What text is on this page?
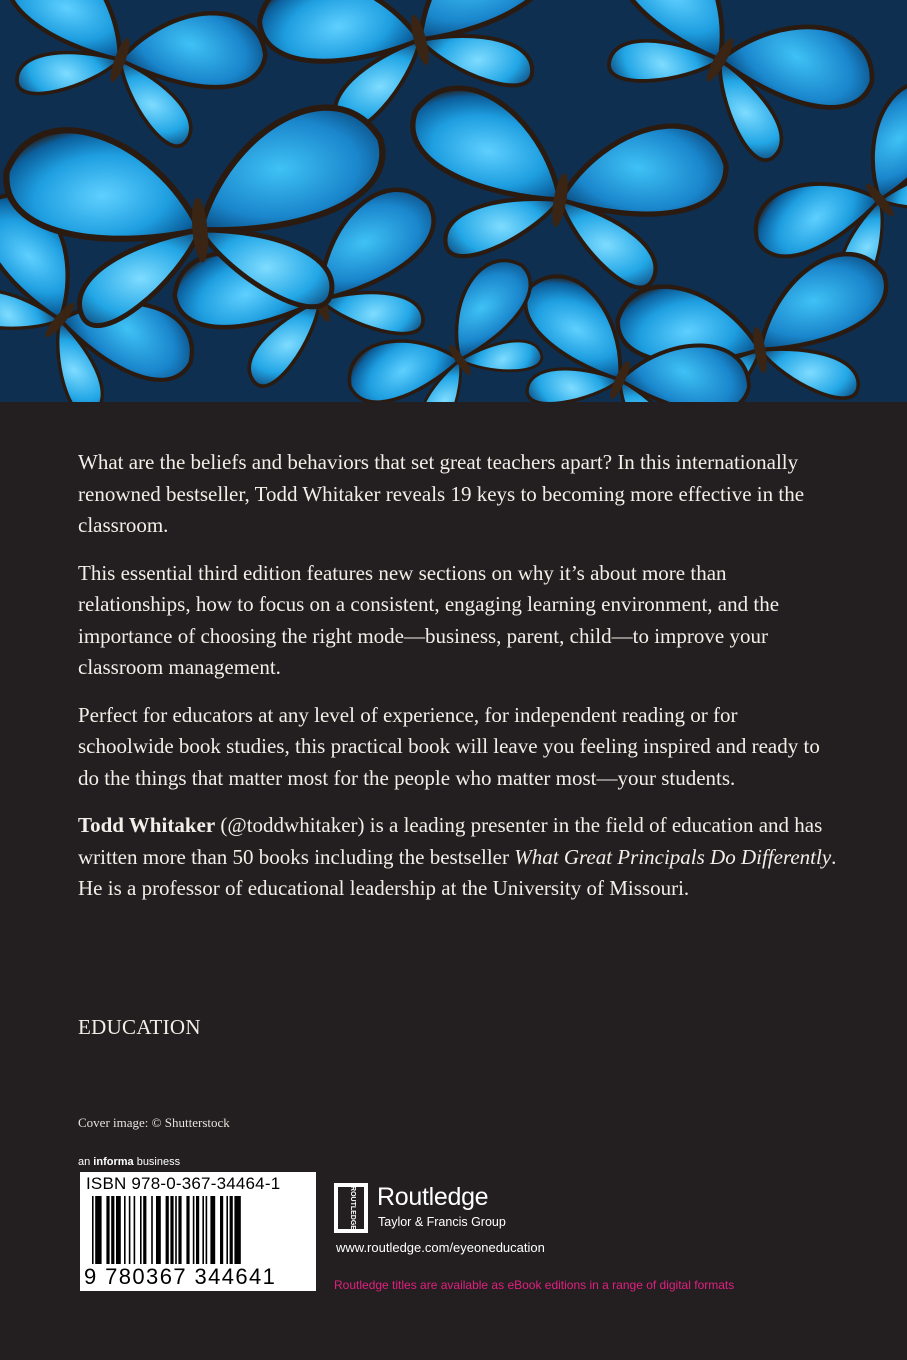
What are the beliefs and behaviors that set great teachers apart? In this internationally renowned bestseller, Todd Whitaker reveals 19 keys to becoming more effective in the classroom.

This essential third edition features new sections on why it’s about more than relationships, how to focus on a consistent, engaging learning environment, and the importance of choosing the right mode—business, parent, child—to improve your classroom management.

Perfect for educators at any level of experience, for independent reading or for schoolwide book studies, this practical book will leave you feeling inspired and ready to do the things that matter most for the people who matter most—your students.

Todd Whitaker (@toddwhitaker) is a leading presenter in the field of education and has written more than 50 books including the bestseller What Great Principals Do Differently. He is a professor of educational leadership at the University of Missouri.

EDUCATION
Cover image: © Shutterstock
an informa business
ISBN 978-0-367-34464-1
9 780367 344641
ROUTLEDGE Routledge
Taylor & Francis Group
www.routledge.com/eyeoneducation
Routledge titles are available as eBook editions in a range of digital formats
